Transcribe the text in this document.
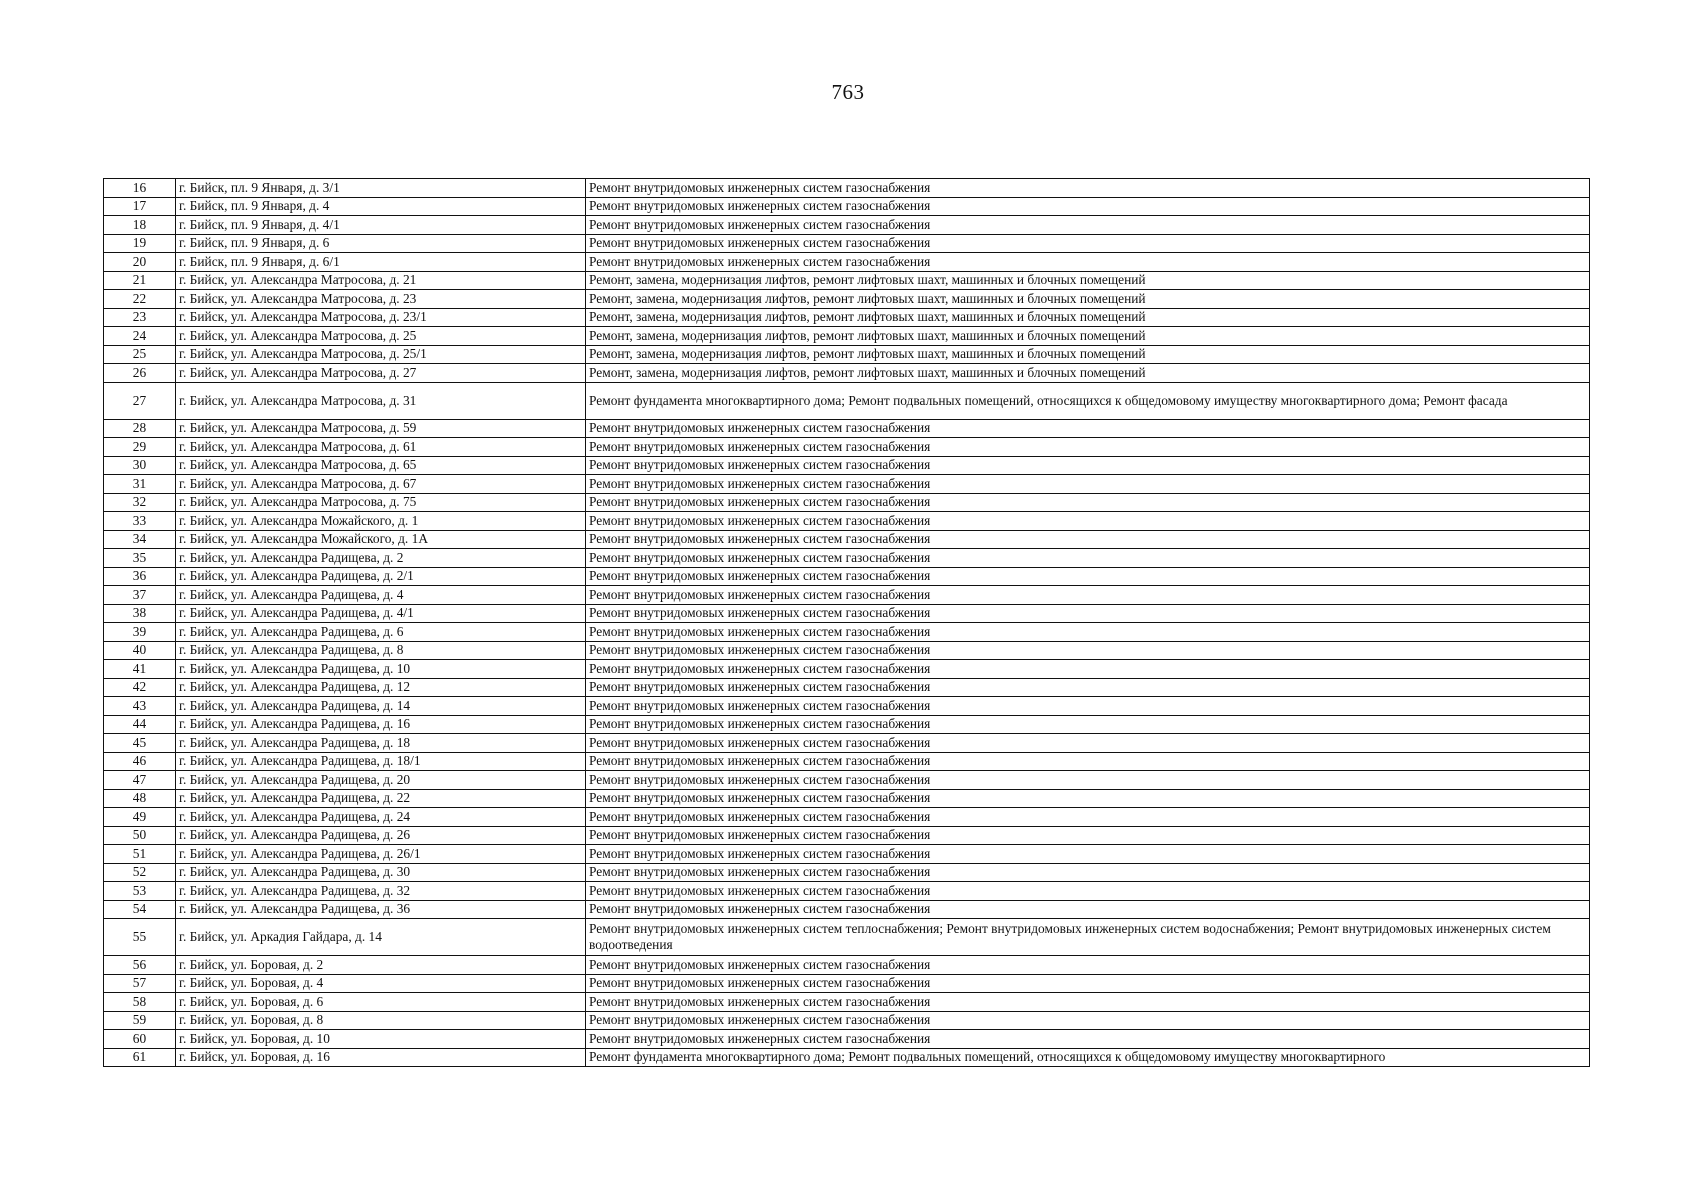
763
16	г. Бийск, пл. 9 Января, д. 3/1	Ремонт внутридомовых инженерных систем газоснабжения
17	г. Бийск, пл. 9 Января, д. 4	Ремонт внутридомовых инженерных систем газоснабжения
18	г. Бийск, пл. 9 Января, д. 4/1	Ремонт внутридомовых инженерных систем газоснабжения
19	г. Бийск, пл. 9 Января, д. 6	Ремонт внутридомовых инженерных систем газоснабжения
20	г. Бийск, пл. 9 Января, д. 6/1	Ремонт внутридомовых инженерных систем газоснабжения
21	г. Бийск, ул. Александра Матросова, д. 21	Ремонт, замена, модернизация лифтов, ремонт лифтовых шахт, машинных и блочных помещений
22	г. Бийск, ул. Александра Матросова, д. 23	Ремонт, замена, модернизация лифтов, ремонт лифтовых шахт, машинных и блочных помещений
23	г. Бийск, ул. Александра Матросова, д. 23/1	Ремонт, замена, модернизация лифтов, ремонт лифтовых шахт, машинных и блочных помещений
24	г. Бийск, ул. Александра Матросова, д. 25	Ремонт, замена, модернизация лифтов, ремонт лифтовых шахт, машинных и блочных помещений
25	г. Бийск, ул. Александра Матросова, д. 25/1	Ремонт, замена, модернизация лифтов, ремонт лифтовых шахт, машинных и блочных помещений
26	г. Бийск, ул. Александра Матросова, д. 27	Ремонт, замена, модернизация лифтов, ремонт лифтовых шахт, машинных и блочных помещений
27	г. Бийск, ул. Александра Матросова, д. 31	Ремонт фундамента многоквартирного дома; Ремонт подвальных помещений, относящихся к общедомовому имуществу многоквартирного дома; Ремонт фасада
28	г. Бийск, ул. Александра Матросова, д. 59	Ремонт внутридомовых инженерных систем газоснабжения
29	г. Бийск, ул. Александра Матросова, д. 61	Ремонт внутридомовых инженерных систем газоснабжения
30	г. Бийск, ул. Александра Матросова, д. 65	Ремонт внутридомовых инженерных систем газоснабжения
31	г. Бийск, ул. Александра Матросова, д. 67	Ремонт внутридомовых инженерных систем газоснабжения
32	г. Бийск, ул. Александра Матросова, д. 75	Ремонт внутридомовых инженерных систем газоснабжения
33	г. Бийск, ул. Александра Можайского, д. 1	Ремонт внутридомовых инженерных систем газоснабжения
34	г. Бийск, ул. Александра Можайского, д. 1А	Ремонт внутридомовых инженерных систем газоснабжения
35	г. Бийск, ул. Александра Радищева, д. 2	Ремонт внутридомовых инженерных систем газоснабжения
36	г. Бийск, ул. Александра Радищева, д. 2/1	Ремонт внутридомовых инженерных систем газоснабжения
37	г. Бийск, ул. Александра Радищева, д. 4	Ремонт внутридомовых инженерных систем газоснабжения
38	г. Бийск, ул. Александра Радищева, д. 4/1	Ремонт внутридомовых инженерных систем газоснабжения
39	г. Бийск, ул. Александра Радищева, д. 6	Ремонт внутридомовых инженерных систем газоснабжения
40	г. Бийск, ул. Александра Радищева, д. 8	Ремонт внутридомовых инженерных систем газоснабжения
41	г. Бийск, ул. Александра Радищева, д. 10	Ремонт внутридомовых инженерных систем газоснабжения
42	г. Бийск, ул. Александра Радищева, д. 12	Ремонт внутридомовых инженерных систем газоснабжения
43	г. Бийск, ул. Александра Радищева, д. 14	Ремонт внутридомовых инженерных систем газоснабжения
44	г. Бийск, ул. Александра Радищева, д. 16	Ремонт внутридомовых инженерных систем газоснабжения
45	г. Бийск, ул. Александра Радищева, д. 18	Ремонт внутридомовых инженерных систем газоснабжения
46	г. Бийск, ул. Александра Радищева, д. 18/1	Ремонт внутридомовых инженерных систем газоснабжения
47	г. Бийск, ул. Александра Радищева, д. 20	Ремонт внутридомовых инженерных систем газоснабжения
48	г. Бийск, ул. Александра Радищева, д. 22	Ремонт внутридомовых инженерных систем газоснабжения
49	г. Бийск, ул. Александра Радищева, д. 24	Ремонт внутридомовых инженерных систем газоснабжения
50	г. Бийск, ул. Александра Радищева, д. 26	Ремонт внутридомовых инженерных систем газоснабжения
51	г. Бийск, ул. Александра Радищева, д. 26/1	Ремонт внутридомовых инженерных систем газоснабжения
52	г. Бийск, ул. Александра Радищева, д. 30	Ремонт внутридомовых инженерных систем газоснабжения
53	г. Бийск, ул. Александра Радищева, д. 32	Ремонт внутридомовых инженерных систем газоснабжения
54	г. Бийск, ул. Александра Радищева, д. 36	Ремонт внутридомовых инженерных систем газоснабжения
55	г. Бийск, ул. Аркадия Гайдара, д. 14	Ремонт внутридомовых инженерных систем теплоснабжения; Ремонт внутридомовых инженерных систем водоснабжения; Ремонт внутридомовых инженерных систем водоотведения
56	г. Бийск, ул. Боровая, д. 2	Ремонт внутридомовых инженерных систем газоснабжения
57	г. Бийск, ул. Боровая, д. 4	Ремонт внутридомовых инженерных систем газоснабжения
58	г. Бийск, ул. Боровая, д. 6	Ремонт внутридомовых инженерных систем газоснабжения
59	г. Бийск, ул. Боровая, д. 8	Ремонт внутридомовых инженерных систем газоснабжения
60	г. Бийск, ул. Боровая, д. 10	Ремонт внутридомовых инженерных систем газоснабжения
61	г. Бийск, ул. Боровая, д. 16	Ремонт фундамента многоквартирного дома; Ремонт подвальных помещений, относящихся к общедомовому имуществу многоквартирного
